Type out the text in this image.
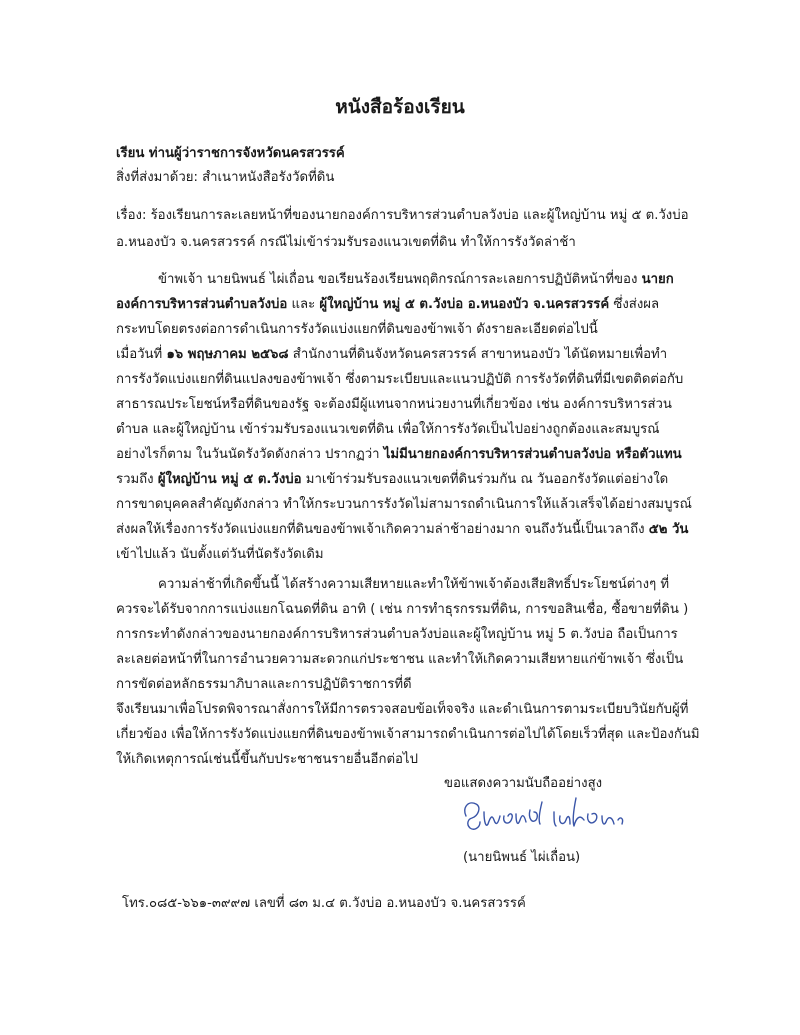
หนังสือร้องเรียน

เรียน ท่านผู้ว่าราชการจังหวัดนครสวรรค์

สิ่งที่ส่งมาด้วย: สำเนาหนังสือรังวัดที่ดิน

เรื่อง: ร้องเรียนการละเลยหน้าที่ของนายกองค์การบริหารส่วนตำบลวังบ่อ และผู้ใหญ่บ้าน หมู่ ๕ ต.วังบ่อ

อ.หนองบัว จ.นครสวรรค์ กรณีไม่เข้าร่วมรับรองแนวเขตที่ดิน ทำให้การรังวัดล่าช้า

ข้าพเจ้า นายนิพนธ์ ไผ่เถื่อน ขอเรียนร้องเรียนพฤติกรณ์การละเลยการปฏิบัติหน้าที่ของ นายก

องค์การบริหารส่วนตำบลวังบ่อ และ ผู้ใหญ่บ้าน หมู่ ๕ ต.วังบ่อ อ.หนองบัว จ.นครสวรรค์ ซึ่งส่งผล

กระทบโดยตรงต่อการดำเนินการรังวัดแบ่งแยกที่ดินของข้าพเจ้า ดังรายละเอียดต่อไปนี้

เมื่อวันที่ ๑๖ พฤษภาคม ๒๕๖๘ สำนักงานที่ดินจังหวัดนครสวรรค์ สาขาหนองบัว ได้นัดหมายเพื่อทำ

การรังวัดแบ่งแยกที่ดินแปลงของข้าพเจ้า ซึ่งตามระเบียบและแนวปฏิบัติ การรังวัดที่ดินที่มีเขตติดต่อกับ

สาธารณประโยชน์หรือที่ดินของรัฐ จะต้องมีผู้แทนจากหน่วยงานที่เกี่ยวข้อง เช่น องค์การบริหารส่วน

ตำบล และผู้ใหญ่บ้าน เข้าร่วมรับรองแนวเขตที่ดิน เพื่อให้การรังวัดเป็นไปอย่างถูกต้องและสมบูรณ์

อย่างไรก็ตาม ในวันนัดรังวัดดังกล่าว ปรากฏว่า ไม่มีนายกองค์การบริหารส่วนตำบลวังบ่อ หรือตัวแทน

รวมถึง ผู้ใหญ่บ้าน หมู่ ๕ ต.วังบ่อ มาเข้าร่วมรับรองแนวเขตที่ดินร่วมกัน ณ วันออกรังวัดแต่อย่างใด

การขาดบุคคลสำคัญดังกล่าว ทำให้กระบวนการรังวัดไม่สามารถดำเนินการให้แล้วเสร็จได้อย่างสมบูรณ์

ส่งผลให้เรื่องการรังวัดแบ่งแยกที่ดินของข้าพเจ้าเกิดความล่าช้าอย่างมาก จนถึงวันนี้เป็นเวลาถึง ๕๒ วัน

เข้าไปแล้ว นับตั้งแต่วันที่นัดรังวัดเดิม

ความล่าช้าที่เกิดขึ้นนี้ ได้สร้างความเสียหายและทำให้ข้าพเจ้าต้องเสียสิทธิ์ประโยชน์ต่างๆ ที่

ควรจะได้รับจากการแบ่งแยกโฉนดที่ดิน อาทิ ( เช่น การทำธุรกรรมที่ดิน, การขอสินเชื่อ, ซื้อขายที่ดิน )

การกระทำดังกล่าวของนายกองค์การบริหารส่วนตำบลวังบ่อและผู้ใหญ่บ้าน หมู่ 5 ต.วังบ่อ ถือเป็นการ

ละเลยต่อหน้าที่ในการอำนวยความสะดวกแก่ประชาชน และทำให้เกิดความเสียหายแก่ข้าพเจ้า ซึ่งเป็น

การขัดต่อหลักธรรมาภิบาลและการปฏิบัติราชการที่ดี

จึงเรียนมาเพื่อโปรดพิจารณาสั่งการให้มีการตรวจสอบข้อเท็จจริง และดำเนินการตามระเบียบวินัยกับผู้ที่

เกี่ยวข้อง เพื่อให้การรังวัดแบ่งแยกที่ดินของข้าพเจ้าสามารถดำเนินการต่อไปได้โดยเร็วที่สุด และป้องกันมิ

ให้เกิดเหตุการณ์เช่นนี้ขึ้นกับประชาชนรายอื่นอีกต่อไป

ขอแสดงความนับถืออย่างสูง
(นายนิพนธ์ ไผ่เถื่อน)
โทร.๐๘๕-๖๖๑-๓๙๙๗ เลขที่ ๘๓ ม.๔ ต.วังบ่อ อ.หนองบัว จ.นครสวรรค์
